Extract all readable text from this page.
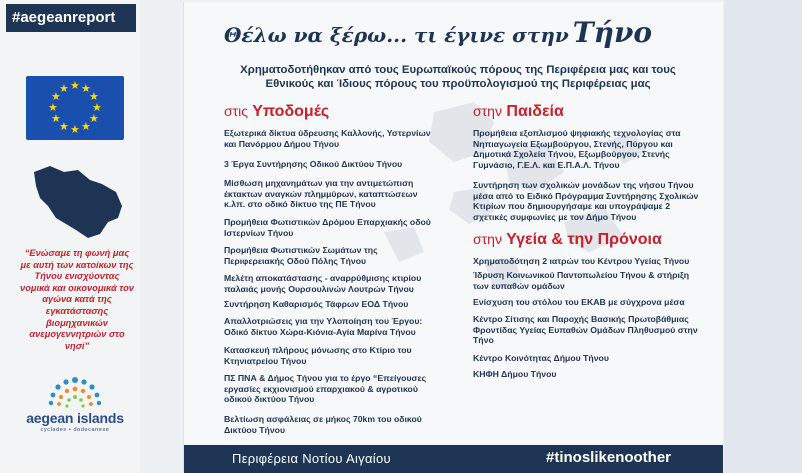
#aegeanreport
★ ★
★
★
★
★
★
★
★
★
★
★
“Ενώσαμε τη φωνή μας με αυτή των κατοίκων της Τήνου ενισχύοντας νομικά και οικονομικά τον αγώνα κατά της εγκατάστασης βιομηχανικών ανεμογεννητριών στο νησί”
aegean islands
cyclades • dodecanese
Θέλω να ξέρω... τι έγινε στην Τήνο
Χρηματοδοτήθηκαν από τους Ευρωπαϊκούς πόρους της Περιφέρεια μας και τους Εθνικούς και Ίδιους πόρους του προϋπολογισμού της Περιφέρειας μας
στις Υποδομές
Εξωτερικά δίκτυα ύδρευσης Καλλονής, Υστερνίων και Πανόρμου Δήμου Τήνου
3 Έργα Συντήρησης Οδικού Δικτύου Τήνου
Μίσθωση μηχανημάτων για την αντιμετώπιση έκτακτων αναγκών πλημμύρων, καταπτώσεων κ.λπ. στο οδικό δίκτυο της ΠΕ Τήνου
Προμήθεια Φωτιστικών Δρόμου Επαρχιακής οδού Ιστερνίων Τήνου
Προμήθεια Φωτιστικών Σωμάτων της Περιφερειακής Οδού Πόλης Τήνου
Μελέτη αποκατάστασης - αναρρύθμισης κτιρίου παλαιάς μονής Ουρσουλινών Λουτρών Τήνου
Συντήρηση Καθαρισμός Τάφρων ΕΟΔ Τήνου
Απαλλοτριώσεις για την Υλοποίηση του Έργου: Οδικό δίκτυο Χώρα-Κιόνια-Αγία Μαρίνα Τήνου
Κατασκευή πλήρους μόνωσης στο Κτίριο του Κτηνιατρείου Τήνου
ΠΣ ΠΝΑ & Δήμος Τήνου για το έργο “Επείγουσες εργασίες εκχιονισμού επαρχιακού & αγροτικού οδικού δικτύου Τήνου
Βελτίωση ασφάλειας σε μήκος 70km του οδικού Δικτύου Τήνου
στην Παιδεία
Προμήθεια εξοπλισμού ψηφιακής τεχνολογίας στα Νηπιαγωγεία Εξωμβούργου, Στενής, Πύργου και Δημοτικά Σχολεία Τήνου, Εξωμβούργου, Στενής Γυμνάσιο, Γ.Ε.Λ. και Ε.Π.Α.Λ. Τήνου
Συντήρηση των σχολικών μονάδων της νήσου Τήνου μέσα από το Ειδικό Πρόγραμμα Συντήρησης Σχολικών Κτιρίων που δημιουργήσαμε και υπογράψαμε 2 σχετικές συμφωνίες με τον Δήμο Τήνου
στην Υγεία & την Πρόνοια
Χρηματοδότηση 2 ιατρών του Κέντρου Υγείας Τήνου
Ίδρυση Κοινωνικού Παντοπωλείου Τήνου & στήριξη των ευπαθών ομάδων
Ενίσχυση του στόλου του ΕΚΑΒ με σύγχρονα μέσα
Κέντρο Σίτισης και Παροχής Βασικής Πρωτοβάθμιας Φροντίδας Υγείας Ευπαθών Ομάδων Πληθυσμού στην Τήνο
Κέντρο Κοινότητας Δήμου Τήνου
ΚΗΦΗ Δήμου Τήνου
Περιφέρεια Νοτίου Αιγαίου	#tinoslikenoother
